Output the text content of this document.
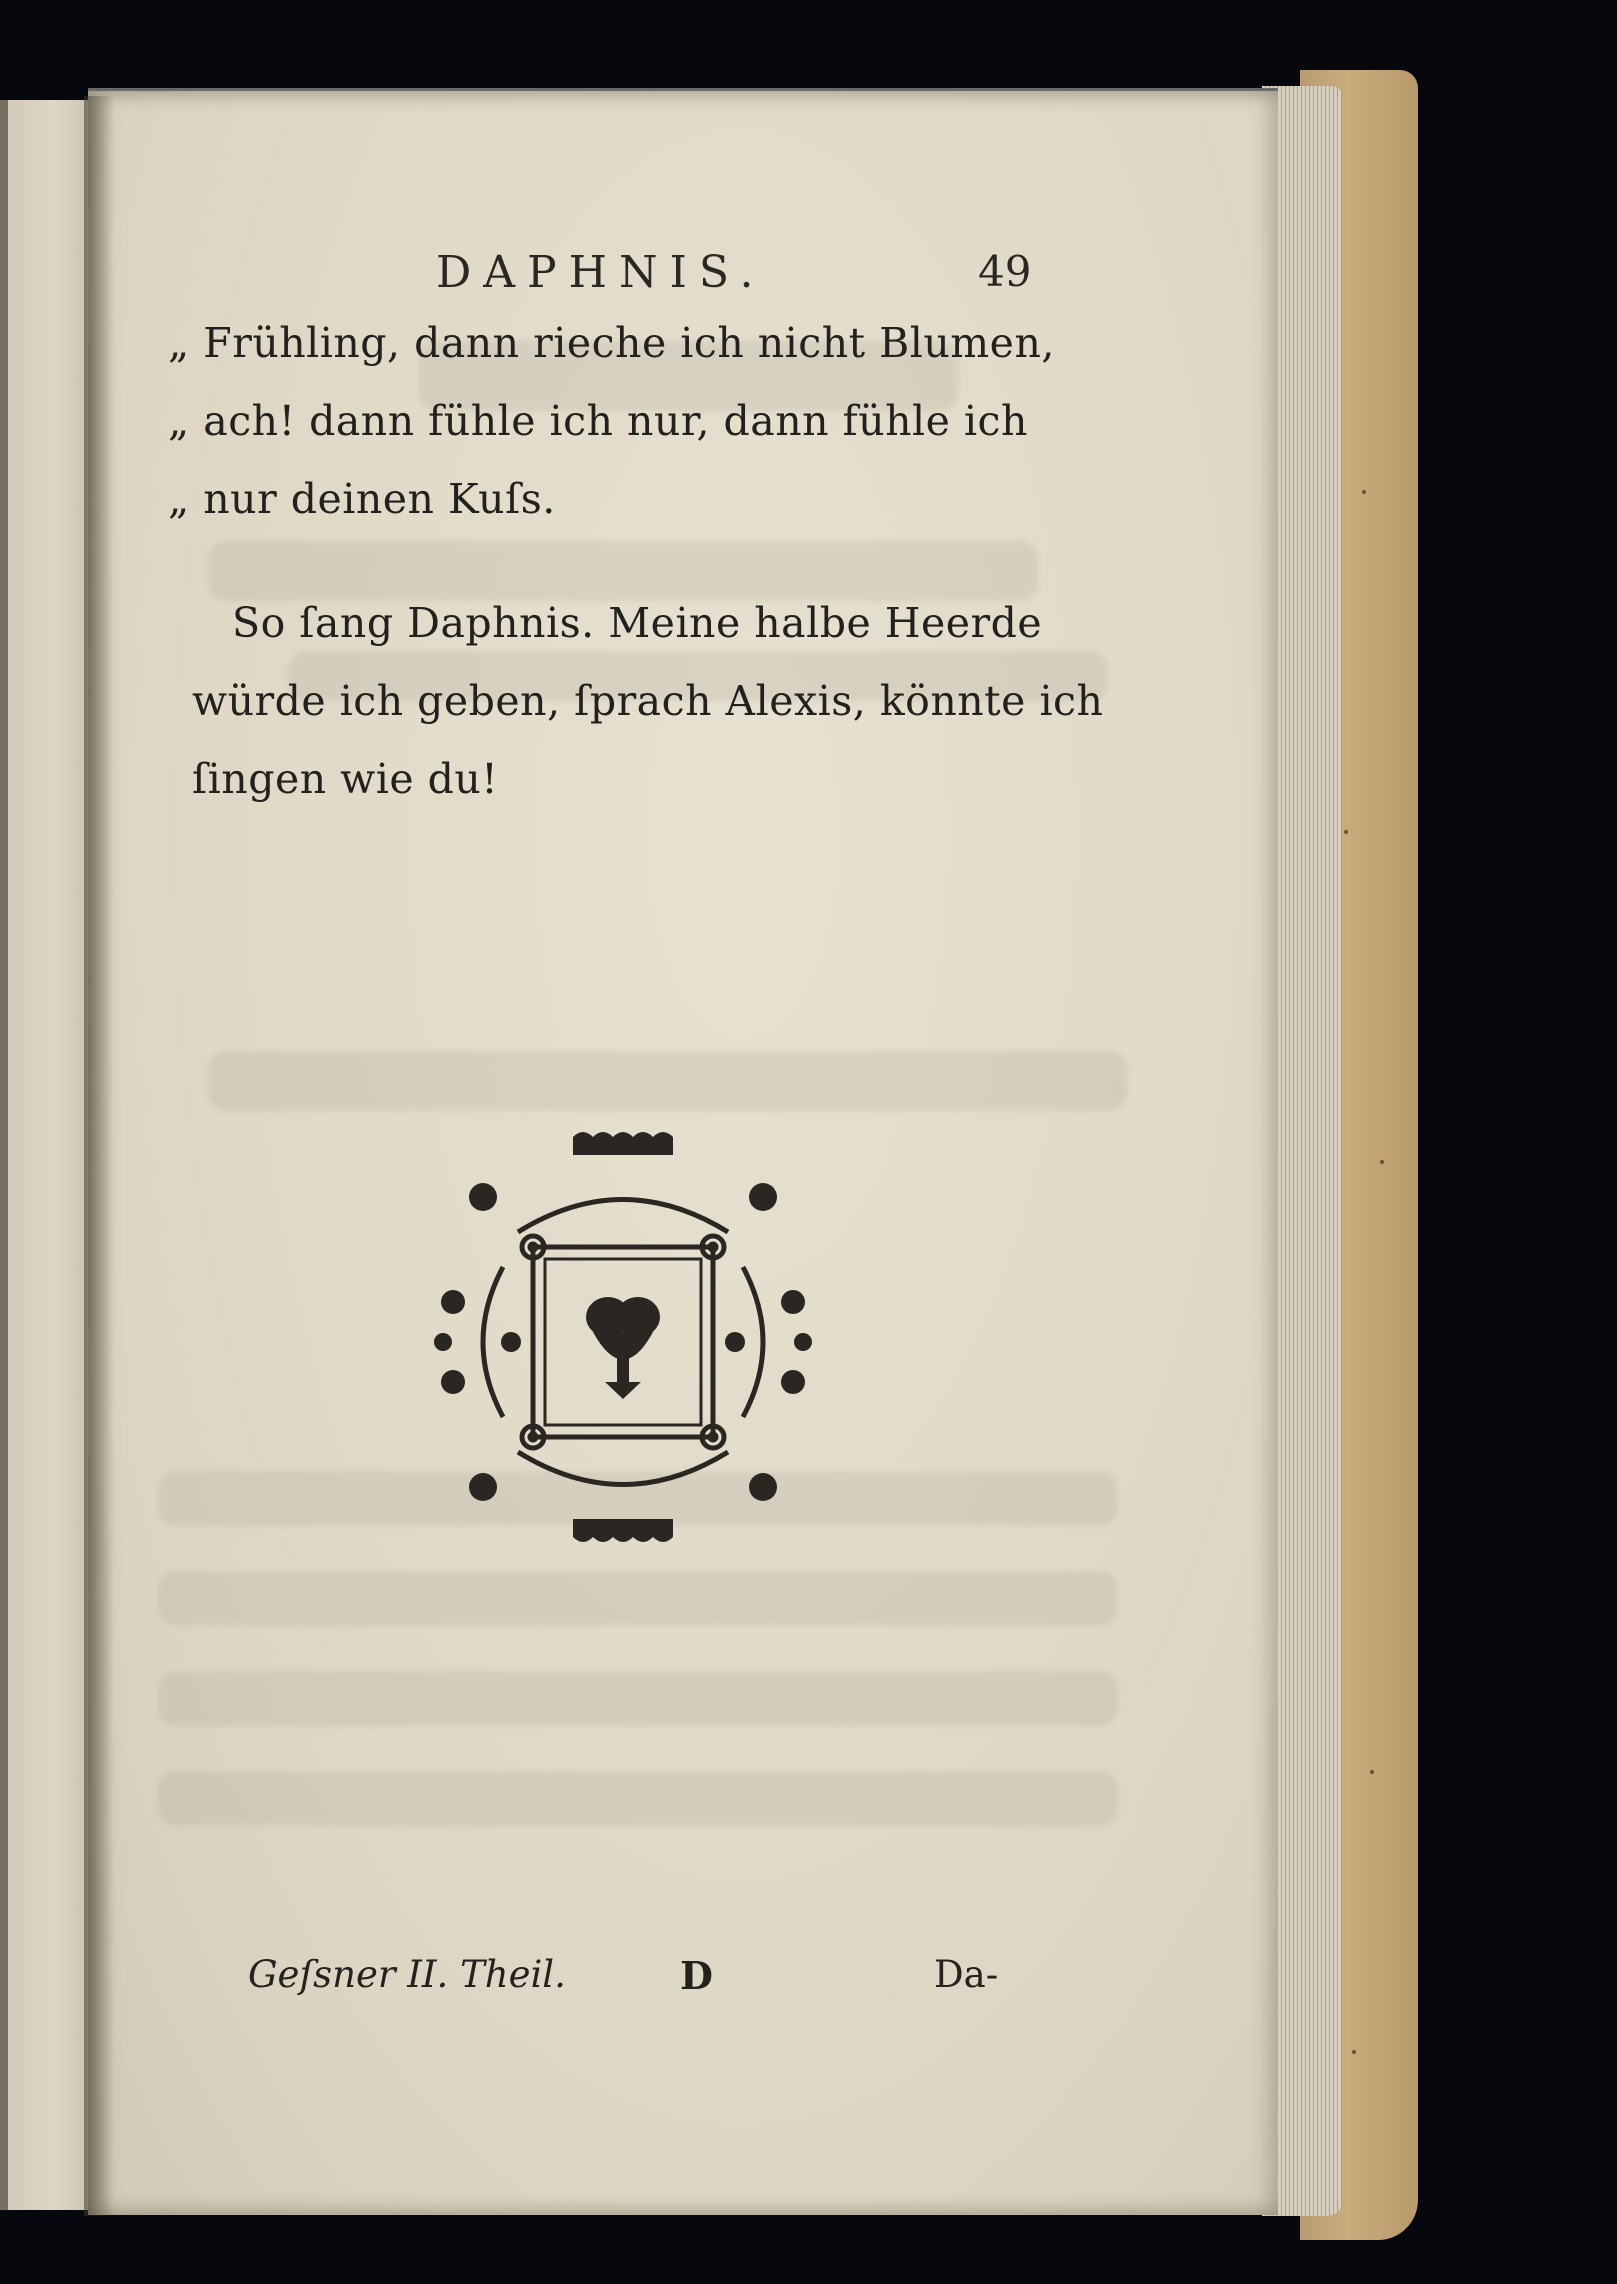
DAPHNIS.	49
„ Frühling, dann rieche ich nicht Blumen,
„ ach! dann fühle ich nur, dann fühle ich
„ nur deinen Kuſs.
So ſang Daphnis. Meine halbe Heerde
würde ich geben, ſprach Alexis, könnte ich
ſingen wie du!
Geſsner II. Theil.	D	Da-
